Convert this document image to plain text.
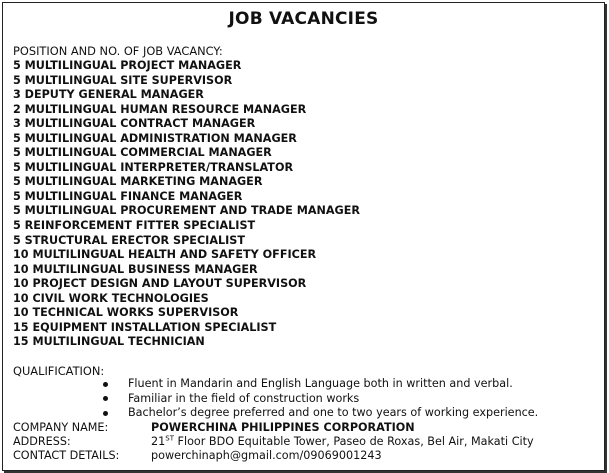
JOB VACANCIES
POSITION AND NO. OF JOB VACANCY:
5 MULTILINGUAL PROJECT MANAGER
5 MULTILINGUAL SITE SUPERVISOR
3 DEPUTY GENERAL MANAGER
2 MULTILINGUAL HUMAN RESOURCE MANAGER
3 MULTILINGUAL CONTRACT MANAGER
5 MULTILINGUAL ADMINISTRATION MANAGER
5 MULTILINGUAL COMMERCIAL MANAGER
5 MULTILINGUAL INTERPRETER/TRANSLATOR
5 MULTILINGUAL MARKETING MANAGER
5 MULTILINGUAL FINANCE MANAGER
5 MULTILINGUAL PROCUREMENT AND TRADE MANAGER
5 REINFORCEMENT FITTER SPECIALIST
5 STRUCTURAL ERECTOR SPECIALIST
10 MULTILINGUAL HEALTH AND SAFETY OFFICER
10 MULTILINGUAL BUSINESS MANAGER
10 PROJECT DESIGN AND LAYOUT SUPERVISOR
10 CIVIL WORK TECHNOLOGIES
10 TECHNICAL WORKS SUPERVISOR
15 EQUIPMENT INSTALLATION SPECIALIST
15 MULTILINGUAL TECHNICIAN
QUALIFICATION:
Fluent in Mandarin and English Language both in written and verbal.
Familiar in the field of construction works
Bachelor’s degree preferred and one to two years of working experience.
COMPANY NAME:	POWERCHINA PHILIPPINES CORPORATION
ADDRESS:	21ST Floor BDO Equitable Tower, Paseo de Roxas, Bel Air, Makati City
CONTACT DETAILS:	powerchinaph@gmail.com/09069001243
